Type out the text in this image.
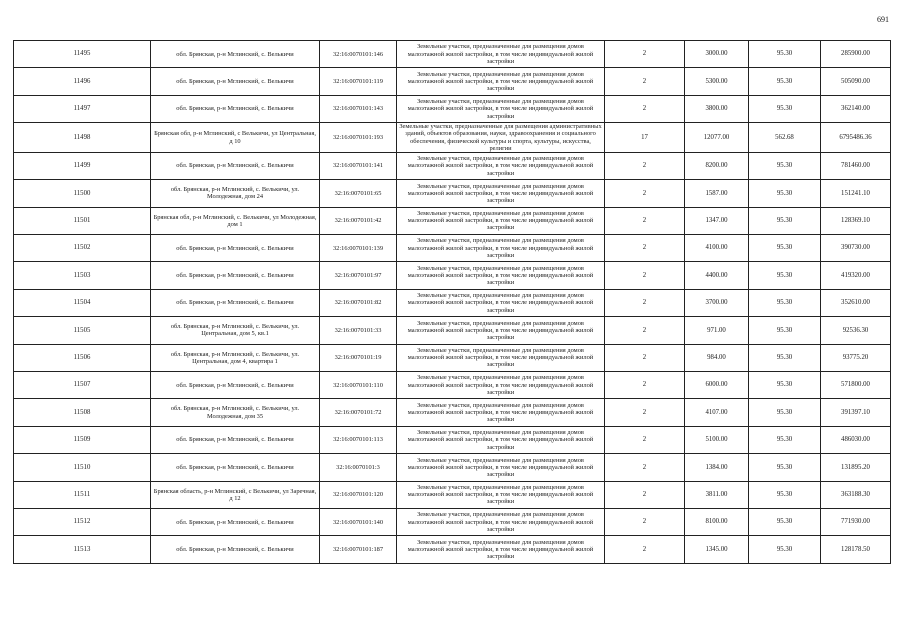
691
11495	обл. Брянская, р-н Мглинский, с. Велькичи	32:16:0070101:146	Земельные участки, предназначенные для размещения домов малоэтажной жилой застройки, в том числе индивидуальной жилой застройки	2	3000.00	95.30	285900.00
11496	обл. Брянская, р-н Мглинский, с. Велькичи	32:16:0070101:119	Земельные участки, предназначенные для размещения домов малоэтажной жилой застройки, в том числе индивидуальной жилой застройки	2	5300.00	95.30	505090.00
11497	обл. Брянская, р-н Мглинский, с. Велькичи	32:16:0070101:143	Земельные участки, предназначенные для размещения домов малоэтажной жилой застройки, в том числе индивидуальной жилой застройки	2	3800.00	95.30	362140.00
11498	Брянская обл, р-н Мглинский, с Велькичи, ул Центральная, д 10	32:16:0070101:193	Земельные участки, предназначенные для размещения административных зданий, объектов образования, науки, здравоохранения и социального обеспечения, физической культуры и спорта, культуры, искусства, религии	17	12077.00	562.68	6795486.36
11499	обл. Брянская, р-н Мглинский, с. Велькичи	32:16:0070101:141	Земельные участки, предназначенные для размещения домов малоэтажной жилой застройки, в том числе индивидуальной жилой застройки	2	8200.00	95.30	781460.00
11500	обл. Брянская, р-н Мглинский, с. Велькичи, ул. Молодежная, дом 24	32:16:0070101:65	Земельные участки, предназначенные для размещения домов малоэтажной жилой застройки, в том числе индивидуальной жилой застройки	2	1587.00	95.30	151241.10
11501	Брянская обл, р-н Мглинский, с. Велькичи, ул Молодежная, дом 1	32:16:0070101:42	Земельные участки, предназначенные для размещения домов малоэтажной жилой застройки, в том числе индивидуальной жилой застройки	2	1347.00	95.30	128369.10
11502	обл. Брянская, р-н Мглинский, с. Велькичи	32:16:0070101:139	Земельные участки, предназначенные для размещения домов малоэтажной жилой застройки, в том числе индивидуальной жилой застройки	2	4100.00	95.30	390730.00
11503	обл. Брянская, р-н Мглинский, с. Велькичи	32:16:0070101:97	Земельные участки, предназначенные для размещения домов малоэтажной жилой застройки, в том числе индивидуальной жилой застройки	2	4400.00	95.30	419320.00
11504	обл. Брянская, р-н Мглинский, с. Велькичи	32:16:0070101:82	Земельные участки, предназначенные для размещения домов малоэтажной жилой застройки, в том числе индивидуальной жилой застройки	2	3700.00	95.30	352610.00
11505	обл. Брянская, р-н Мглинский, с. Велькичи, ул. Центральная, дом 5, кв.1	32:16:0070101:33	Земельные участки, предназначенные для размещения домов малоэтажной жилой застройки, в том числе индивидуальной жилой застройки	2	971.00	95.30	92536.30
11506	обл. Брянская, р-н Мглинский, с. Велькичи, ул. Центральная, дом 4, квартира 1	32:16:0070101:19	Земельные участки, предназначенные для размещения домов малоэтажной жилой застройки, в том числе индивидуальной жилой застройки	2	984.00	95.30	93775.20
11507	обл. Брянская, р-н Мглинский, с. Велькичи	32:16:0070101:110	Земельные участки, предназначенные для размещения домов малоэтажной жилой застройки, в том числе индивидуальной жилой застройки	2	6000.00	95.30	571800.00
11508	обл. Брянская, р-н Мглинский, с. Велькичи, ул. Молодежная, дом 35	32:16:0070101:72	Земельные участки, предназначенные для размещения домов малоэтажной жилой застройки, в том числе индивидуальной жилой застройки	2	4107.00	95.30	391397.10
11509	обл. Брянская, р-н Мглинский, с. Велькичи	32:16:0070101:113	Земельные участки, предназначенные для размещения домов малоэтажной жилой застройки, в том числе индивидуальной жилой застройки	2	5100.00	95.30	486030.00
11510	обл. Брянская, р-н Мглинский, с. Велькичи	32:16:0070101:3	Земельные участки, предназначенные для размещения домов малоэтажной жилой застройки, в том числе индивидуальной жилой застройки	2	1384.00	95.30	131895.20
11511	Брянская область, р-н Мглинский, с Велькичи, ул Заречная, д 12	32:16:0070101:120	Земельные участки, предназначенные для размещения домов малоэтажной жилой застройки, в том числе индивидуальной жилой застройки	2	3811.00	95.30	363188.30
11512	обл. Брянская, р-н Мглинский, с. Велькичи	32:16:0070101:140	Земельные участки, предназначенные для размещения домов малоэтажной жилой застройки, в том числе индивидуальной жилой застройки	2	8100.00	95.30	771930.00
11513	обл. Брянская, р-н Мглинский, с. Велькичи	32:16:0070101:187	Земельные участки, предназначенные для размещения домов малоэтажной жилой застройки, в том числе индивидуальной жилой застройки	2	1345.00	95.30	128178.50
